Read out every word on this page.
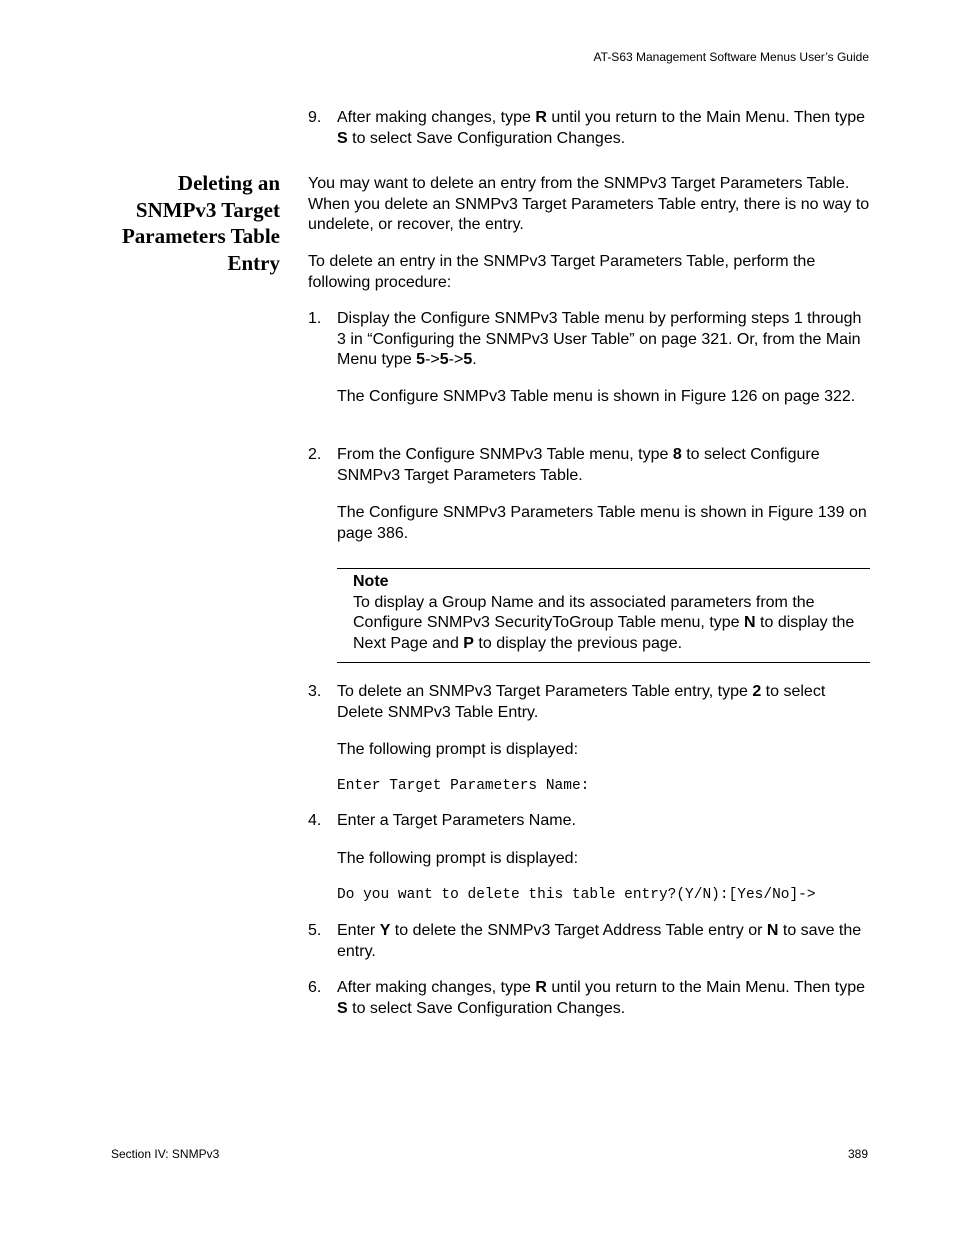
AT-S63 Management Software Menus User’s Guide
Deleting an
SNMPv3 Target
Parameters Table
Entry
9. After making changes, type R until you return to the Main Menu. Then type S to select Save Configuration Changes.
You may want to delete an entry from the SNMPv3 Target Parameters Table. When you delete an SNMPv3 Target Parameters Table entry, there is no way to undelete, or recover, the entry.
To delete an entry in the SNMPv3 Target Parameters Table, perform the following procedure:
1. Display the Configure SNMPv3 Table menu by performing steps 1 through 3 in “Configuring the SNMPv3 User Table” on page 321. Or, from the Main Menu type 5->5->5.
The Configure SNMPv3 Table menu is shown in Figure 126 on page 322.
2. From the Configure SNMPv3 Table menu, type 8 to select Configure SNMPv3 Target Parameters Table.
The Configure SNMPv3 Parameters Table menu is shown in Figure 139 on page 386.
Note
To display a Group Name and its associated parameters from the Configure SNMPv3 SecurityToGroup Table menu, type N to display the Next Page and P to display the previous page.
3. To delete an SNMPv3 Target Parameters Table entry, type 2 to select Delete SNMPv3 Table Entry.
The following prompt is displayed:
Enter Target Parameters Name:
4. Enter a Target Parameters Name.
The following prompt is displayed:
Do you want to delete this table entry?(Y/N):[Yes/No]->
5. Enter Y to delete the SNMPv3 Target Address Table entry or N to save the entry.
6. After making changes, type R until you return to the Main Menu. Then type S to select Save Configuration Changes.
Section IV: SNMPv3	389
